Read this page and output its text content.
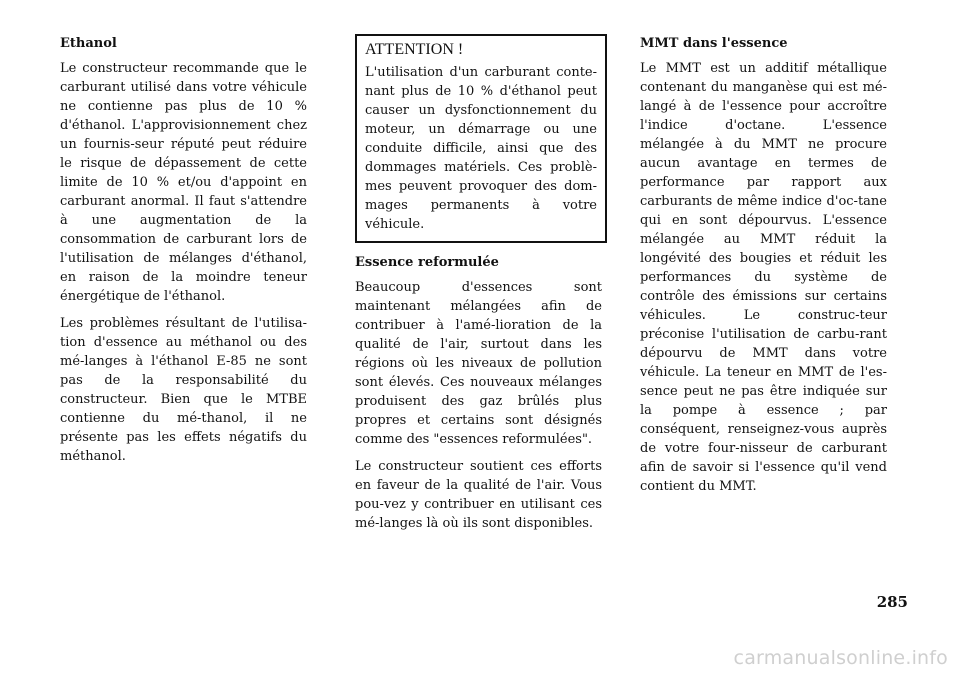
Ethanol

Le constructeur recommande que le carburant utilisé dans votre véhicule ne contienne pas plus de 10 % d'éthanol. L'approvisionnement chez un fournis-seur réputé peut réduire le risque de dépassement de cette limite de 10 % et/ou d'appoint en carburant anormal. Il faut s'attendre à une augmentation de la consommation de carburant lors de l'utilisation de mélanges d'éthanol, en raison de la moindre teneur énergétique de l'éthanol.

Les problèmes résultant de l'utilisa-tion d'essence au méthanol ou des mé-langes à l'éthanol E-85 ne sont pas de la responsabilité du constructeur. Bien que le MTBE contienne du mé-thanol, il ne présente pas les effets négatifs du méthanol.

ATTENTION !

L'utilisation d'un carburant conte-nant plus de 10 % d'éthanol peut causer un dysfonctionnement du moteur, un démarrage ou une conduite difficile, ainsi que des dommages matériels. Ces problè-mes peuvent provoquer des dom-mages permanents à votre véhicule.

Essence reformulée

Beaucoup d'essences sont maintenant mélangées afin de contribuer à l'amé-lioration de la qualité de l'air, surtout dans les régions où les niveaux de pollution sont élevés. Ces nouveaux mélanges produisent des gaz brûlés plus propres et certains sont désignés comme des "essences reformulées".

Le constructeur soutient ces efforts en faveur de la qualité de l'air. Vous pou-vez y contribuer en utilisant ces mé-langes là où ils sont disponibles.

MMT dans l'essence

Le MMT est un additif métallique contenant du manganèse qui est mé-langé à de l'essence pour accroître l'indice d'octane. L'essence mélangée à du MMT ne procure aucun avantage en termes de performance par rapport aux carburants de même indice d'oc-tane qui en sont dépourvus. L'essence mélangée au MMT réduit la longévité des bougies et réduit les performances du système de contrôle des émissions sur certains véhicules. Le construc-teur préconise l'utilisation de carbu-rant dépourvu de MMT dans votre véhicule. La teneur en MMT de l'es-sence peut ne pas être indiquée sur la pompe à essence ; par conséquent, renseignez-vous auprès de votre four-nisseur de carburant afin de savoir si l'essence qu'il vend contient du MMT.

285
carmanualsonline.info
